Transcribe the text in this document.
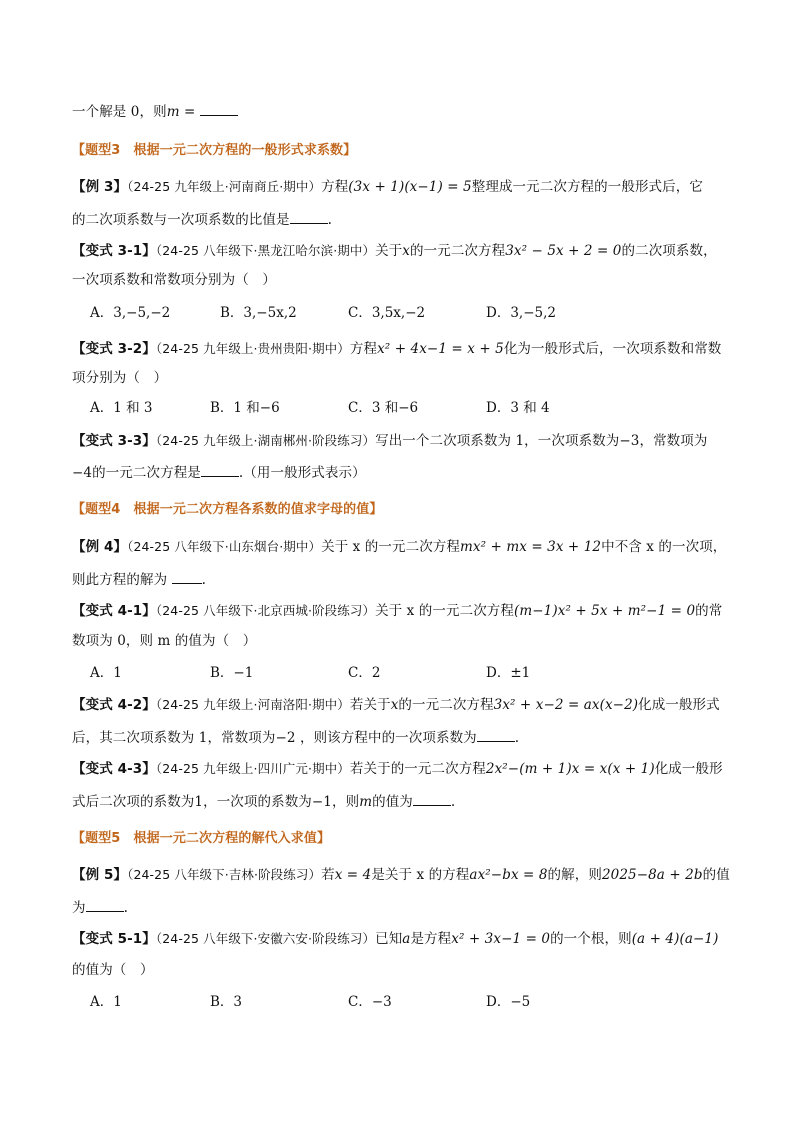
一个解是 0，则m =
【题型3　根据一元二次方程的一般形式求系数】
【例 3】（24-25 九年级上·河南商丘·期中）方程(3x + 1)(x−1) = 5整理成一元二次方程的一般形式后，它
的二次项系数与一次项系数的比值是	.
【变式 3-1】（24-25 八年级下·黑龙江哈尔滨·期中）关于x的一元二次方程3x² − 5x + 2 = 0的二次项系数，
一次项系数和常数项分别为（　）
A．3,−5,−2	B．3,−5x,2	C．3,5x,−2	D．3,−5,2
【变式 3-2】（24-25 九年级上·贵州贵阳·期中）方程x² + 4x−1 = x + 5化为一般形式后，一次项系数和常数
项分别为（　）
A．1 和 3	B．1 和−6	C．3 和−6	D．3 和 4
【变式 3-3】（24-25 九年级上·湖南郴州·阶段练习）写出一个二次项系数为 1，一次项系数为−3，常数项为
−4的一元二次方程是	.（用一般形式表示）
【题型4　根据一元二次方程各系数的值求字母的值】
【例 4】（24-25 八年级下·山东烟台·期中）关于 x 的一元二次方程mx² + mx = 3x + 12中不含 x 的一次项，
则此方程的解为	.
【变式 4-1】（24-25 八年级下·北京西城·阶段练习）关于 x 的一元二次方程(m−1)x² + 5x + m²−1 = 0的常
数项为 0，则 m 的值为（　）
A．1	B．−1	C．2	D．±1
【变式 4-2】（24-25 九年级上·河南洛阳·期中）若关于x的一元二次方程3x² + x−2 = ax(x−2)化成一般形式
后，其二次项系数为 1，常数项为−2 ，则该方程中的一次项系数为	.
【变式 4-3】（24-25 九年级上·四川广元·期中）若关于的一元二次方程2x²−(m + 1)x = x(x + 1)化成一般形
式后二次项的系数为1，一次项的系数为−1，则m的值为	.
【题型5　根据一元二次方程的解代入求值】
【例 5】（24-25 八年级下·吉林·阶段练习）若x = 4是关于 x 的方程ax²−bx = 8的解，则2025−8a + 2b的值
为	.
【变式 5-1】（24-25 八年级下·安徽六安·阶段练习）已知a是方程x² + 3x−1 = 0的一个根，则(a + 4)(a−1)
的值为（　）
A．1	B．3	C．−3	D．−5
